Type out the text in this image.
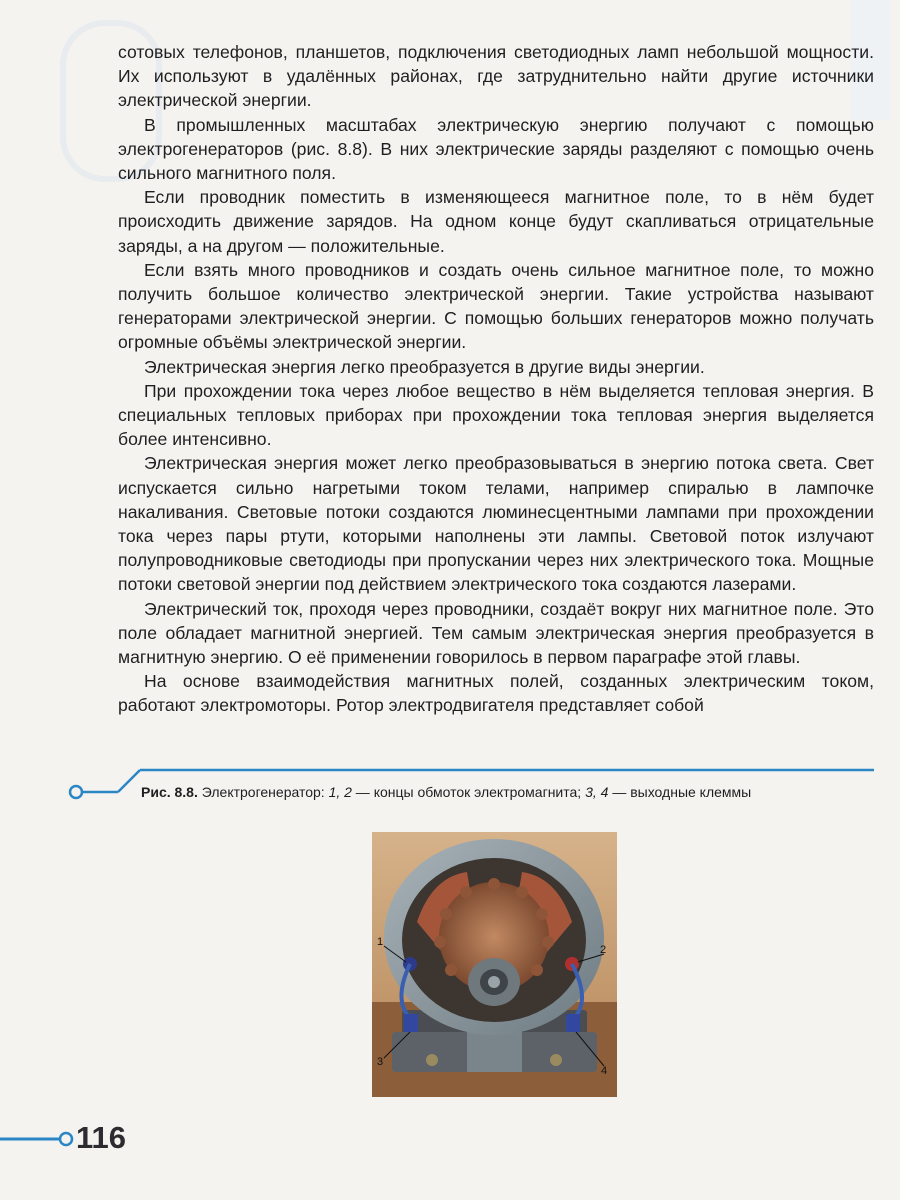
сотовых телефонов, планшетов, подключения светодиодных ламп небольшой мощности. Их используют в удалённых районах, где затруднительно найти другие источники электрической энергии.

В промышленных масштабах электрическую энергию получают с помощью электрогенераторов (рис. 8.8). В них электрические заряды разделяют с помощью очень сильного магнитного поля.

Если проводник поместить в изменяющееся магнитное поле, то в нём будет происходить движение зарядов. На одном конце будут скапливаться отрицательные заряды, а на другом — положительные.

Если взять много проводников и создать очень сильное магнитное поле, то можно получить большое количество электрической энергии. Такие устройства называют генераторами электрической энергии. С помощью больших генераторов можно получать огромные объёмы электрической энергии.

Электрическая энергия легко преобразуется в другие виды энергии.

При прохождении тока через любое вещество в нём выделяется тепловая энергия. В специальных тепловых приборах при прохождении тока тепловая энергия выделяется более интенсивно.

Электрическая энергия может легко преобразовываться в энергию потока света. Свет испускается сильно нагретыми током телами, например спиралью в лампочке накаливания. Световые потоки создаются люминесцентными лампами при прохождении тока через пары ртути, которыми наполнены эти лампы. Световой поток излучают полупроводниковые светодиоды при пропускании через них электрического тока. Мощные потоки световой энергии под действием электрического тока создаются лазерами.

Электрический ток, проходя через проводники, создаёт вокруг них магнитное поле. Это поле обладает магнитной энергией. Тем самым электрическая энергия преобразуется в магнитную энергию. О её применении говорилось в первом параграфе этой главы.

На основе взаимодействия магнитных полей, созданных электрическим током, работают электромоторы. Ротор электродвигателя представляет собой

Рис. 8.8. Электрогенератор: 1, 2 — концы обмоток электромагнита; 3, 4 — выходные клеммы
1
2
3
4
116
